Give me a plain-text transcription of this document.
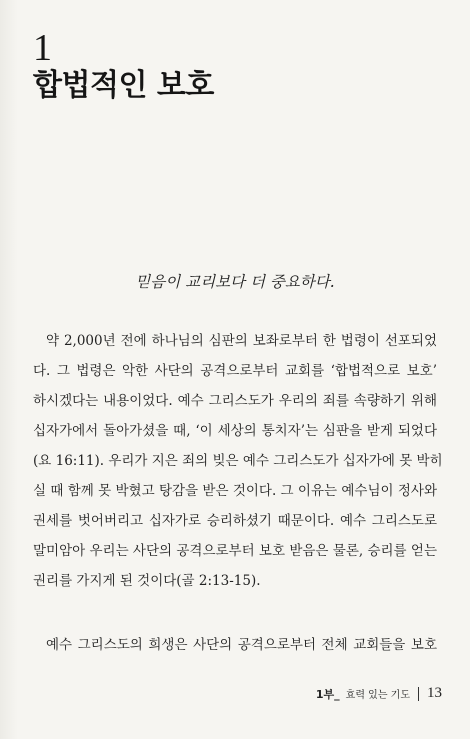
1
합법적인 보호
믿음이 교리보다 더 중요하다.
약 2,000년 전에 하나님의 심판의 보좌로부터 한 법령이 선포되었
다. 그 법령은 악한 사단의 공격으로부터 교회를 ‘합법적으로 보호’
하시겠다는 내용이었다. 예수 그리스도가 우리의 죄를 속량하기 위해
십자가에서 돌아가셨을 때, ‘이 세상의 통치자’는 심판을 받게 되었다
(요 16:11). 우리가 지은 죄의 빚은 예수 그리스도가 십자가에 못 박히
실 때 함께 못 박혔고 탕감을 받은 것이다. 그 이유는 예수님이 정사와
권세를 벗어버리고 십자가로 승리하셨기 때문이다. 예수 그리스도로
말미암아 우리는 사단의 공격으로부터 보호 받음은 물론, 승리를 얻는
권리를 가지게 된 것이다(골 2:13-15).
예수 그리스도의 희생은 사단의 공격으로부터 전체 교회들을 보호
1부_ 효력 있는 기도 13
